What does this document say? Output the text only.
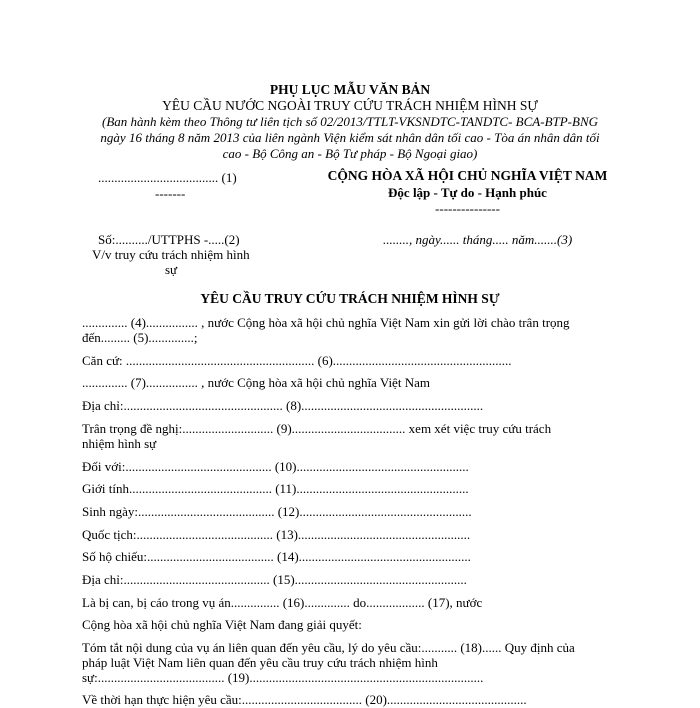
PHỤ LỤC MẪU VĂN BẢN
YÊU CẦU NƯỚC NGOÀI TRUY CỨU TRÁCH NHIỆM HÌNH SỰ
(Ban hành kèm theo Thông tư liên tịch số 02/2013/TTLT-VKSNDTC-TANDTC- BCA-BTP-BNG
ngày 16 tháng 8 năm 2013 của liên ngành Viện kiểm sát nhân dân tối cao - Tòa án nhân dân tối
cao - Bộ Công an - Bộ Tư pháp - Bộ Ngoại giao)
..................................... (1)
-------
CỘNG HÒA XÃ HỘI CHỦ NGHĨA VIỆT NAM
Độc lập - Tự do - Hạnh phúc
---------------
Số:........../UTTPHS -.....(2)
V/v truy cứu trách nhiệm hình
sự
........, ngày...... tháng..... năm.......(3)
YÊU CẦU TRUY CỨU TRÁCH NHIỆM HÌNH SỰ
.............. (4)................ , nước Cộng hòa xã hội chủ nghĩa Việt Nam xin gửi lời chào trân trọng
đến......... (5)..............;
Căn cứ: .......................................................... (6).......................................................
.............. (7)................ , nước Cộng hòa xã hội chủ nghĩa Việt Nam
Địa chỉ:................................................. (8)........................................................
Trân trọng đề nghị:............................ (9)................................... xem xét việc truy cứu trách
nhiệm hình sự
Đối với:............................................. (10).....................................................
Giới tính............................................ (11).....................................................
Sinh ngày:.......................................... (12).....................................................
Quốc tịch:.......................................... (13).....................................................
Số hộ chiếu:....................................... (14).....................................................
Địa chỉ:............................................. (15).....................................................
Là bị can, bị cáo trong vụ án............... (16).............. do.................. (17), nước
Cộng hòa xã hội chủ nghĩa Việt Nam đang giải quyết:
Tóm tắt nội dung của vụ án liên quan đến yêu cầu, lý do yêu cầu:........... (18)...... Quy định của
pháp luật Việt Nam liên quan đến yêu cầu truy cứu trách nhiệm hình
sự:....................................... (19)........................................................................
Về thời hạn thực hiện yêu cầu:..................................... (20)...........................................
